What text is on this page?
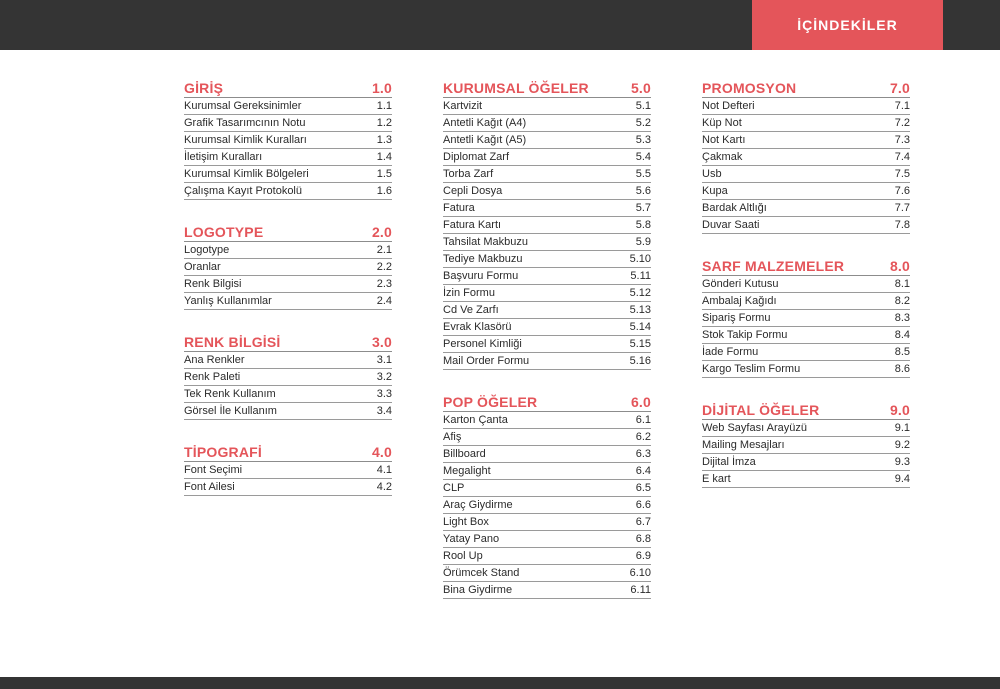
İÇİNDEKİLER
GİRİŞ	1.0
Kurumsal Gereksinimler	1.1
Grafik Tasarımcının Notu	1.2
Kurumsal Kimlik Kuralları	1.3
İletişim Kuralları	1.4
Kurumsal Kimlik Bölgeleri	1.5
Çalışma Kayıt Protokolü	1.6
LOGOTYPE	2.0
Logotype	2.1
Oranlar	2.2
Renk Bilgisi	2.3
Yanlış Kullanımlar	2.4
RENK BİLGİSİ	3.0
Ana Renkler	3.1
Renk Paleti	3.2
Tek Renk Kullanım	3.3
Görsel İle Kullanım	3.4
TİPOGRAFİ	4.0
Font Seçimi	4.1
Font Ailesi	4.2
KURUMSAL ÖĞELER	5.0
Kartvizit	5.1
Antetli Kağıt (A4)	5.2
Antetli Kağıt (A5)	5.3
Diplomat Zarf	5.4
Torba Zarf	5.5
Cepli Dosya	5.6
Fatura	5.7
Fatura Kartı	5.8
Tahsilat Makbuzu	5.9
Tediye Makbuzu	5.10
Başvuru Formu	5.11
İzin Formu	5.12
Cd Ve Zarfı	5.13
Evrak Klasörü	5.14
Personel Kimliği	5.15
Mail Order Formu	5.16
POP ÖĞELER	6.0
Karton Çanta	6.1
Afiş	6.2
Billboard	6.3
Megalight	6.4
CLP	6.5
Araç Giydirme	6.6
Light Box	6.7
Yatay Pano	6.8
Rool Up	6.9
Örümcek Stand	6.10
Bina Giydirme	6.11
PROMOSYON	7.0
Not Defteri	7.1
Küp Not	7.2
Not Kartı	7.3
Çakmak	7.4
Usb	7.5
Kupa	7.6
Bardak Altlığı	7.7
Duvar Saati	7.8
SARF MALZEMELER	8.0
Gönderi Kutusu	8.1
Ambalaj Kağıdı	8.2
Sipariş Formu	8.3
Stok Takip Formu	8.4
İade Formu	8.5
Kargo Teslim Formu	8.6
DİJİTAL ÖĞELER	9.0
Web Sayfası Arayüzü	9.1
Mailing Mesajları	9.2
Dijital İmza	9.3
E kart	9.4
